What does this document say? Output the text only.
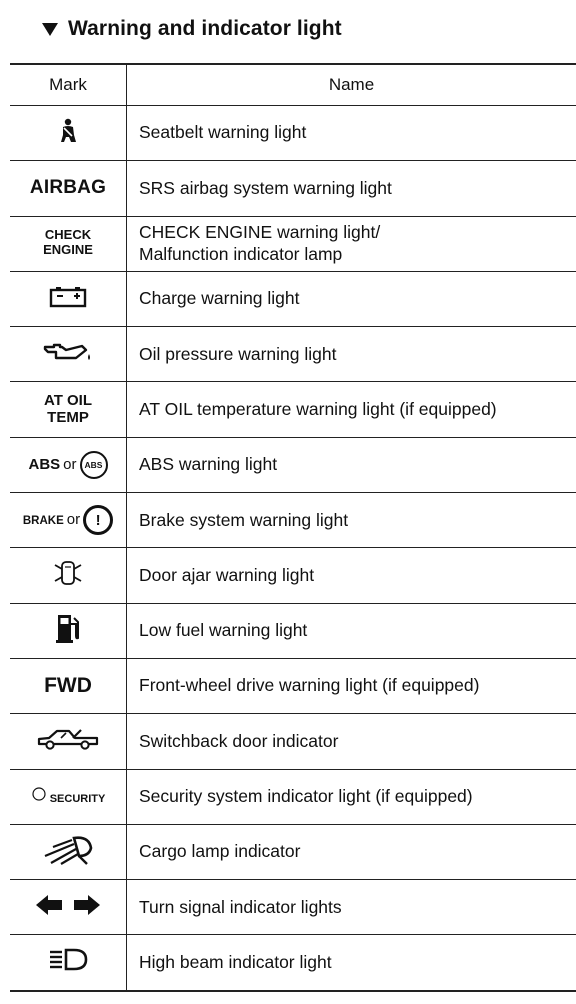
Warning and indicator light
Mark	Name

	Seatbelt warning light
AIRBAG	SRS airbag system warning light
CHECK
ENGINE	CHECK ENGINE warning light/
Malfunction indicator lamp

	Charge warning light

	Oil pressure warning light
AT OIL
TEMP	AT OIL temperature warning light (if equipped)
ABS or ABS	ABS warning light
BRAKE or !	Brake system warning light

	Door ajar warning light

	Low fuel warning light
FWD	Front-wheel drive warning light (if equipped)

	Switchback door indicator

SECURITY	Security system indicator light (if equipped)

	Cargo lamp indicator

	Turn signal indicator lights

	High beam indicator light
